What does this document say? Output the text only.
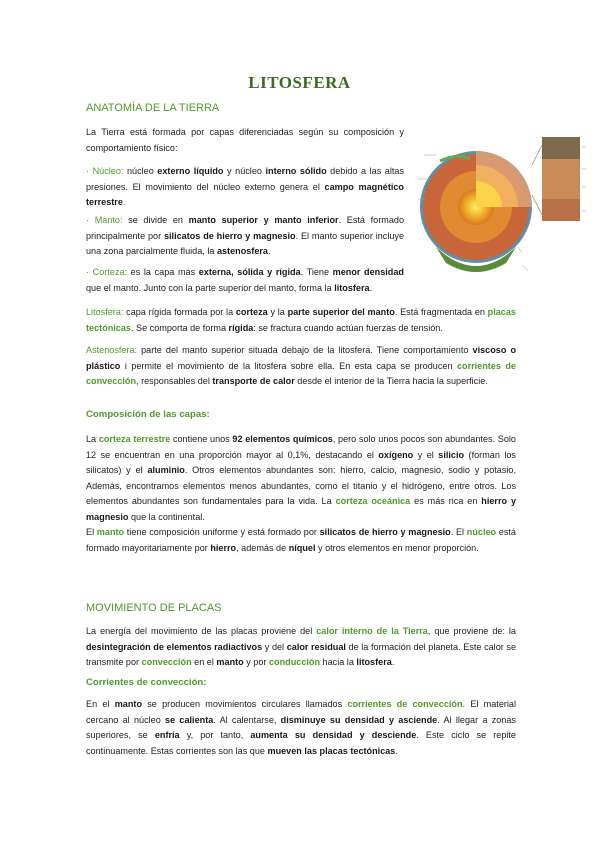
LITOSFERA
ANATOMÍA DE LA TIERRA
La Tierra está formada por capas diferenciadas según su composición y comportamiento físico:
· Núcleo: núcleo externo líquido y núcleo interno sólido debido a las altas presiones. El movimiento del núcleo externo genera el campo magnético terrestre.
· Manto: se divide en manto superior y manto inferior. Está formado principalmente por silicatos de hierro y magnesio. El manto superior incluye una zona parcialmente fluida, la astenosfera.
· Corteza: es la capa más externa, sólida y rígida. Tiene menor densidad que el manto. Junto con la parte superior del manto, forma la litosfera.
Litosfera: capa rígida formada por la corteza y la parte superior del manto. Está fragmentada en placas tectónicas. Se comporta de forma rígida: se fractura cuando actúan fuerzas de tensión.
Astenosfera: parte del manto superior situada debajo de la litosfera. Tiene comportamiento viscoso o plástico i permite el movimiento de la litosfera sobre ella. En esta capa se producen corrientes de convección, responsables del transporte de calor desde el interior de la Tierra hacia la superficie.
Composición de las capas:
La corteza terrestre contiene unos 92 elementos químicos, pero solo unos pocos son abundantes. Solo 12 se encuentran en una proporción mayor al 0,1%, destacando el oxígeno y el silicio (forman los silicatos) y el aluminio. Otros elementos abundantes son: hierro, calcio, magnesio, sodio y potasio. Además, encontramos elementos menos abundantes, como el titanio y el hidrógeno, entre otros. Los elementos abundantes son fundamentales para la vida. La corteza oceánica es más rica en hierro y magnesio que la continental.
El manto tiene composición uniforme y está formado por silicatos de hierro y magnesio. El núcleo está formado mayoritariamente por hierro, además de níquel y otros elementos en menor proporción.
MOVIMIENTO DE PLACAS
La energía del movimiento de las placas proviene del calor interno de la Tierra, que proviene de: la desintegración de elementos radiactivos y del calor residual de la formación del planeta. Este calor se transmite por convección en el manto y por conducción hacia la litosfera.
Corrientes de convección:
En el manto se producen movimientos circulares llamados corrientes de convección. El material cercano al núcleo se calienta. Al calentarse, disminuye su densidad y asciende. Al llegar a zonas superiores, se enfría y, por tanto, aumenta su densidad y desciende. Este ciclo se repite continuamente. Estas corrientes son las que mueven las placas tectónicas.
